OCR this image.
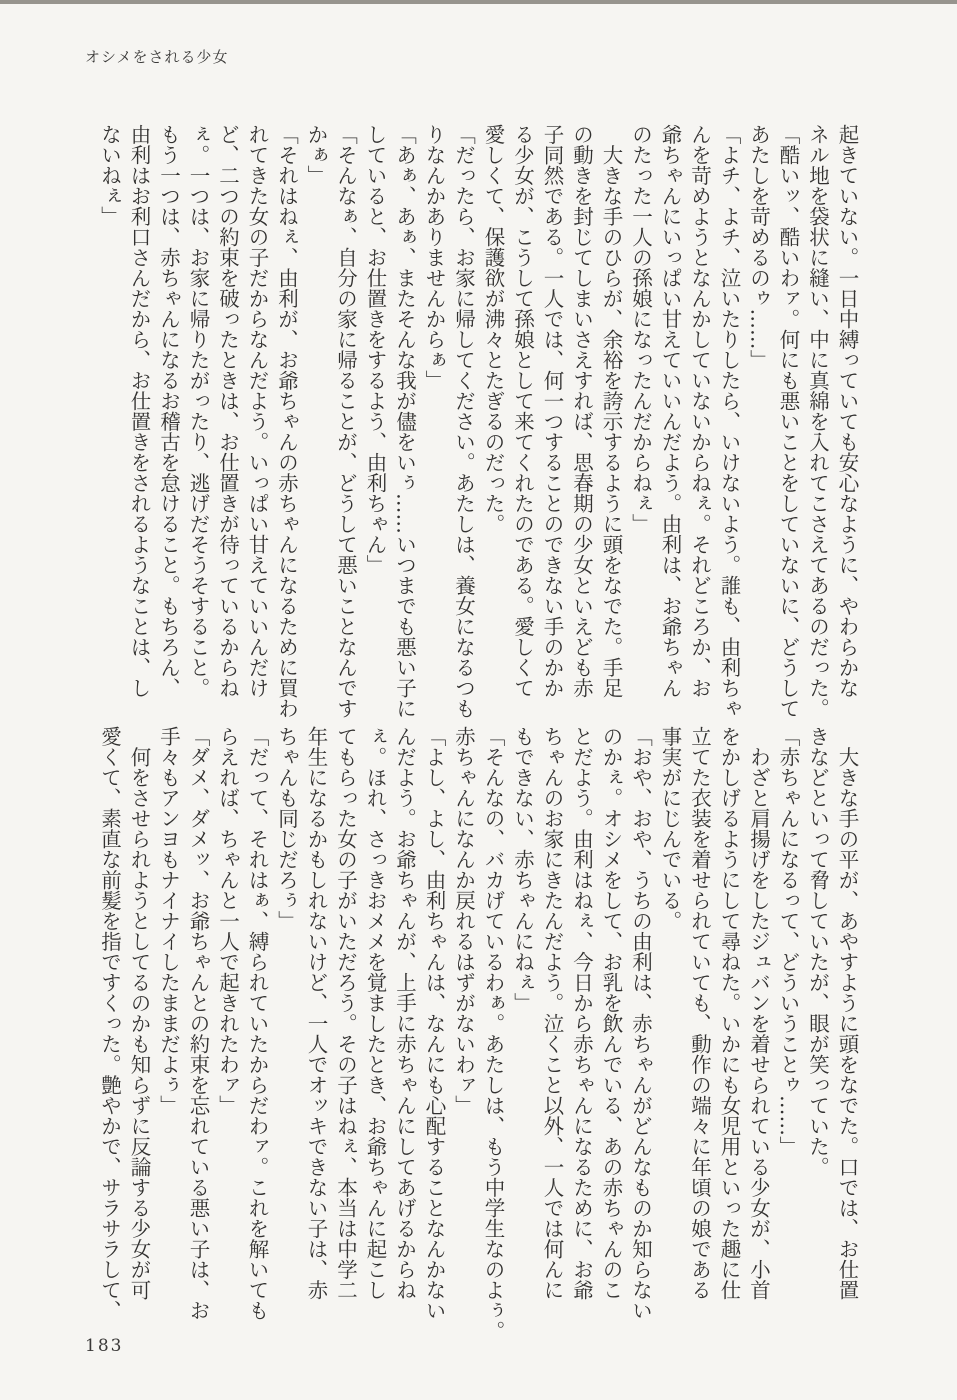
オシメをされる少女

起きていない。一日中縛っていても安心なように、やわらかな

ネル地を袋状に縫い、中に真綿を入れてこさえてあるのだった。

「酷いッ、酷いわァ。何にも悪いことをしていないに、どうして

あたしを苛めるのゥ……」

「よチ、よチ、泣いたりしたら、いけないよう。誰も、由利ちゃ

んを苛めようとなんかしていないからねぇ。それどころか、お

爺ちゃんにいっぱい甘えていいんだよう。由利は、お爺ちゃん

のたった一人の孫娘になったんだからねぇ」

　大きな手のひらが、余裕を誇示するように頭をなでた。手足

の動きを封じてしまいさえすれば、思春期の少女といえども赤

子同然である。一人では、何一つすることのできない手のかか

る少女が、こうして孫娘として来てくれたのである。愛しくて

愛しくて、保護欲が沸々とたぎるのだった。

「だったら、お家に帰してください。あたしは、養女になるつも

りなんかありませんからぁ」

「あぁ、あぁ、またそんな我が儘をいぅ……いつまでも悪い子に

していると、お仕置きをするよう、由利ちゃん」

「そんなぁ、自分の家に帰ることが、どうして悪いことなんです

かぁ」

「それはねぇ、由利が、お爺ちゃんの赤ちゃんになるために買わ

れてきた女の子だからなんだよう。いっぱい甘えていいんだけ

ど、二つの約束を破ったときは、お仕置きが待っているからね

ぇ。一つは、お家に帰りたがったり、逃げだそうそすること。

もう一つは、赤ちゃんになるお稽古を怠けること。もちろん、

由利はお利口さんだから、お仕置きをされるようなことは、し

ないねぇ」

　大きな手の平が、あやすように頭をなでた。口では、お仕置

きなどといって脅していたが、眼が笑っていた。

「赤ちゃんになるって、どういうことゥ……」

　わざと肩揚げをしたジュバンを着せられている少女が、小首

をかしげるようにして尋ねた。いかにも女児用といった趣に仕

立てた衣装を着せられていても、動作の端々に年頃の娘である

事実がにじんでいる。

「おや、おや、うちの由利は、赤ちゃんがどんなものか知らない

のかぇ。オシメをして、お乳を飲んでいる、あの赤ちゃんのこ

とだよう。由利はねぇ、今日から赤ちゃんになるために、お爺

ちゃんのお家にきたんだよう。泣くこと以外、一人では何んに

もできない、赤ちゃんにねぇ」

「そんなの、バカげているわぁ。あたしは、もう中学生なのよぅ。

赤ちゃんになんか戻れるはずがないわァ」

「よし、よし、由利ちゃんは、なんにも心配することなんかない

んだよう。お爺ちゃんが、上手に赤ちゃんにしてあげるからね

ぇ。ほれ、さっきおメメを覚ましたとき、お爺ちゃんに起こし

てもらった女の子がいただろう。その子はねぇ、本当は中学二

年生になるかもしれないけど、一人でオッキできない子は、赤

ちゃんも同じだろぅ」

「だって、それはぁ、縛られていたからだわァ。これを解いても

らえれば、ちゃんと一人で起きれたわァ」

「ダメ、ダメッ、お爺ちゃんとの約束を忘れている悪い子は、お

手々もアンヨもナイナイしたままだよぅ」

　何をさせられようとしてるのかも知らずに反論する少女が可

愛くて、素直な前髪を指ですくった。艶やかで、サラサラして、

183
